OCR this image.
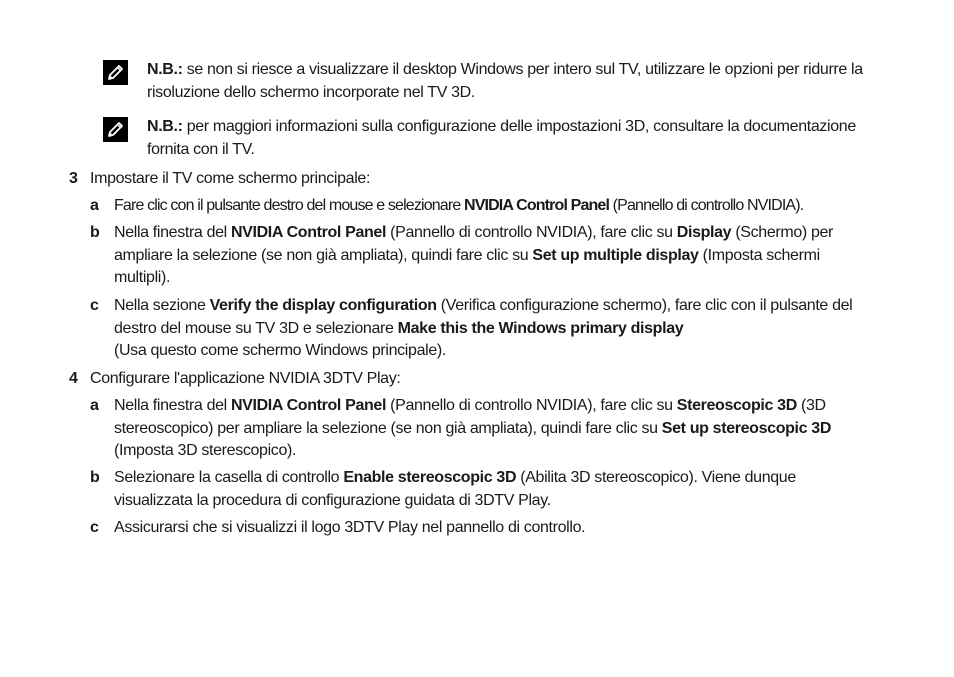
N.B.: se non si riesce a visualizzare il desktop Windows per intero sul TV, utilizzare le opzioni per ridurre la risoluzione dello schermo incorporate nel TV 3D.
N.B.: per maggiori informazioni sulla configurazione delle impostazioni 3D, consultare la documentazione fornita con il TV.
3 Impostare il TV come schermo principale:
a Fare clic con il pulsante destro del mouse e selezionare NVIDIA Control Panel (Pannello di controllo NVIDIA).
b Nella finestra del NVIDIA Control Panel (Pannello di controllo NVIDIA), fare clic su Display (Schermo) per ampliare la selezione (se non già ampliata), quindi fare clic su Set up multiple display (Imposta schermi multipli).
c Nella sezione Verify the display configuration (Verifica configurazione schermo), fare clic con il pulsante del destro del mouse su TV 3D e selezionare Make this the Windows primary display
(Usa questo come schermo Windows principale).
4 Configurare l'applicazione NVIDIA 3DTV Play:
a Nella finestra del NVIDIA Control Panel (Pannello di controllo NVIDIA), fare clic su Stereoscopic 3D (3D stereoscopico) per ampliare la selezione (se non già ampliata), quindi fare clic su Set up stereoscopic 3D (Imposta 3D sterescopico).
b Selezionare la casella di controllo Enable stereoscopic 3D (Abilita 3D stereoscopico). Viene dunque visualizzata la procedura di configurazione guidata di 3DTV Play.
c Assicurarsi che si visualizzi il logo 3DTV Play nel pannello di controllo.
